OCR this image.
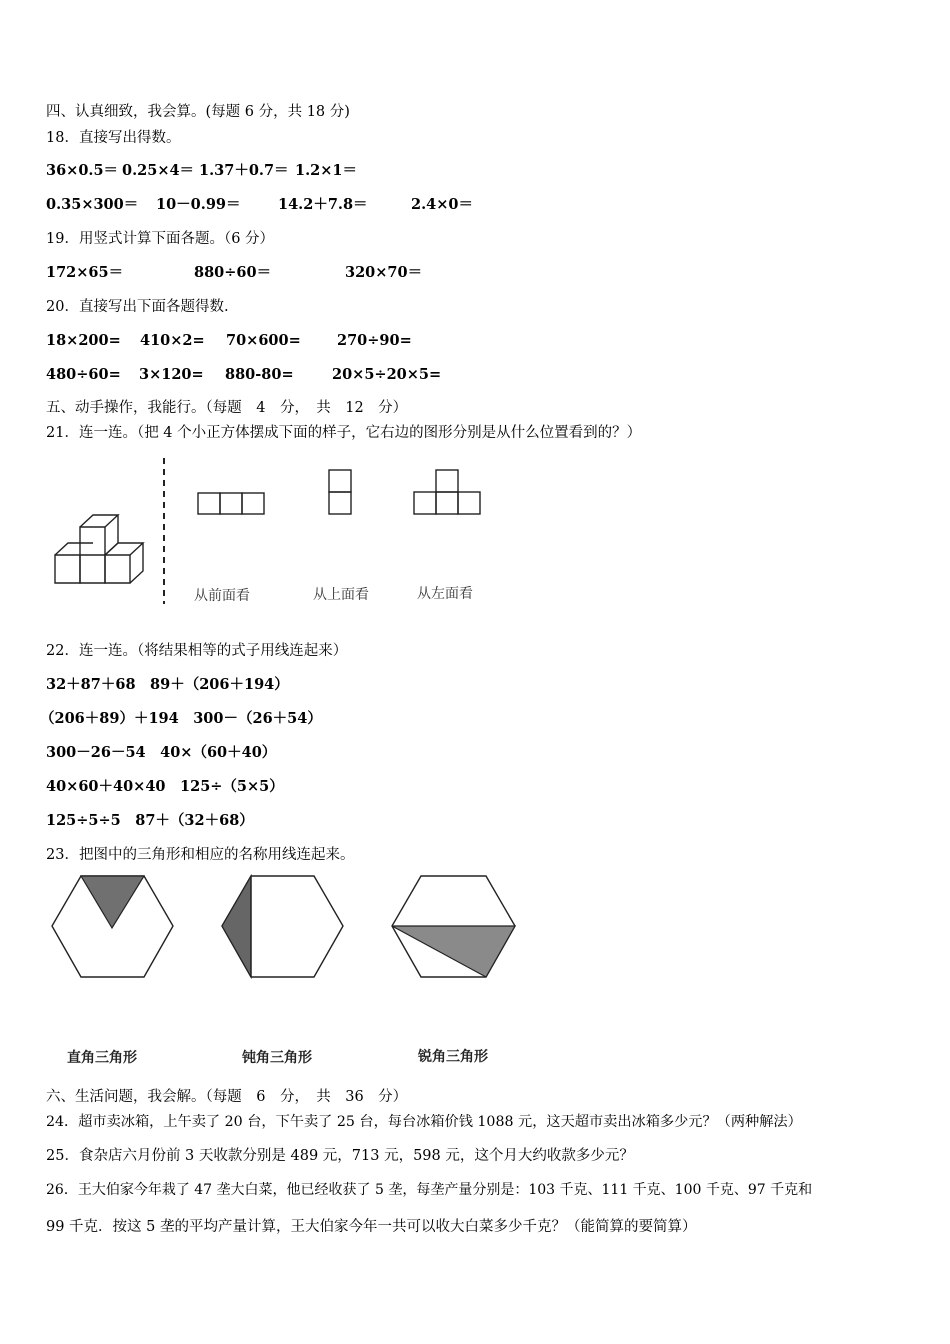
四、认真细致，我会算。(每题 6 分，共 18 分)
18．直接写出得数。
36×0.5＝ 0.25×4＝ 1.37＋0.7＝ 1.2×1＝
0.35×300＝ 10－0.99＝	14.2＋7.8＝	2.4×0＝
19．用竖式计算下面各题。（6 分）
172×65＝	880÷60＝	320×70＝
20．直接写出下面各题得数.
18×200= 410×2= 70×600=	270÷90=
480÷60= 3×120= 880-80=	20×5÷20×5=
五、动手操作，我能行。（每题　4　分，　共　12　分）
21．连一连。（把 4 个小正方体摆成下面的样子，它右边的图形分别是从什么位置看到的？）
从前面看	从上面看	从左面看
22．连一连。（将结果相等的式子用线连起来）
32＋87＋68　89＋（206＋194）
（206＋89）＋194　300－（26＋54）
300－26－54　40×（60＋40）
40×60＋40×40　125÷（5×5）
125÷5÷5　87＋（32＋68）
23．把图中的三角形和相应的名称用线连起来。
直角三角形	钝角三角形	锐角三角形
六、生活问题，我会解。（每题　6　分，　共　36　分）
24．超市卖冰箱，上午卖了 20 台，下午卖了 25 台，每台冰箱价钱 1088 元，这天超市卖出冰箱多少元？（两种解法）
25．食杂店六月份前 3 天收款分别是 489 元，713 元，598 元，这个月大约收款多少元？
26．王大伯家今年栽了 47 垄大白菜，他已经收获了 5 垄，每垄产量分别是：103 千克、111 千克、100 千克、97 千克和
99 千克．按这 5 垄的平均产量计算，王大伯家今年一共可以收大白菜多少千克？（能简算的要简算）
